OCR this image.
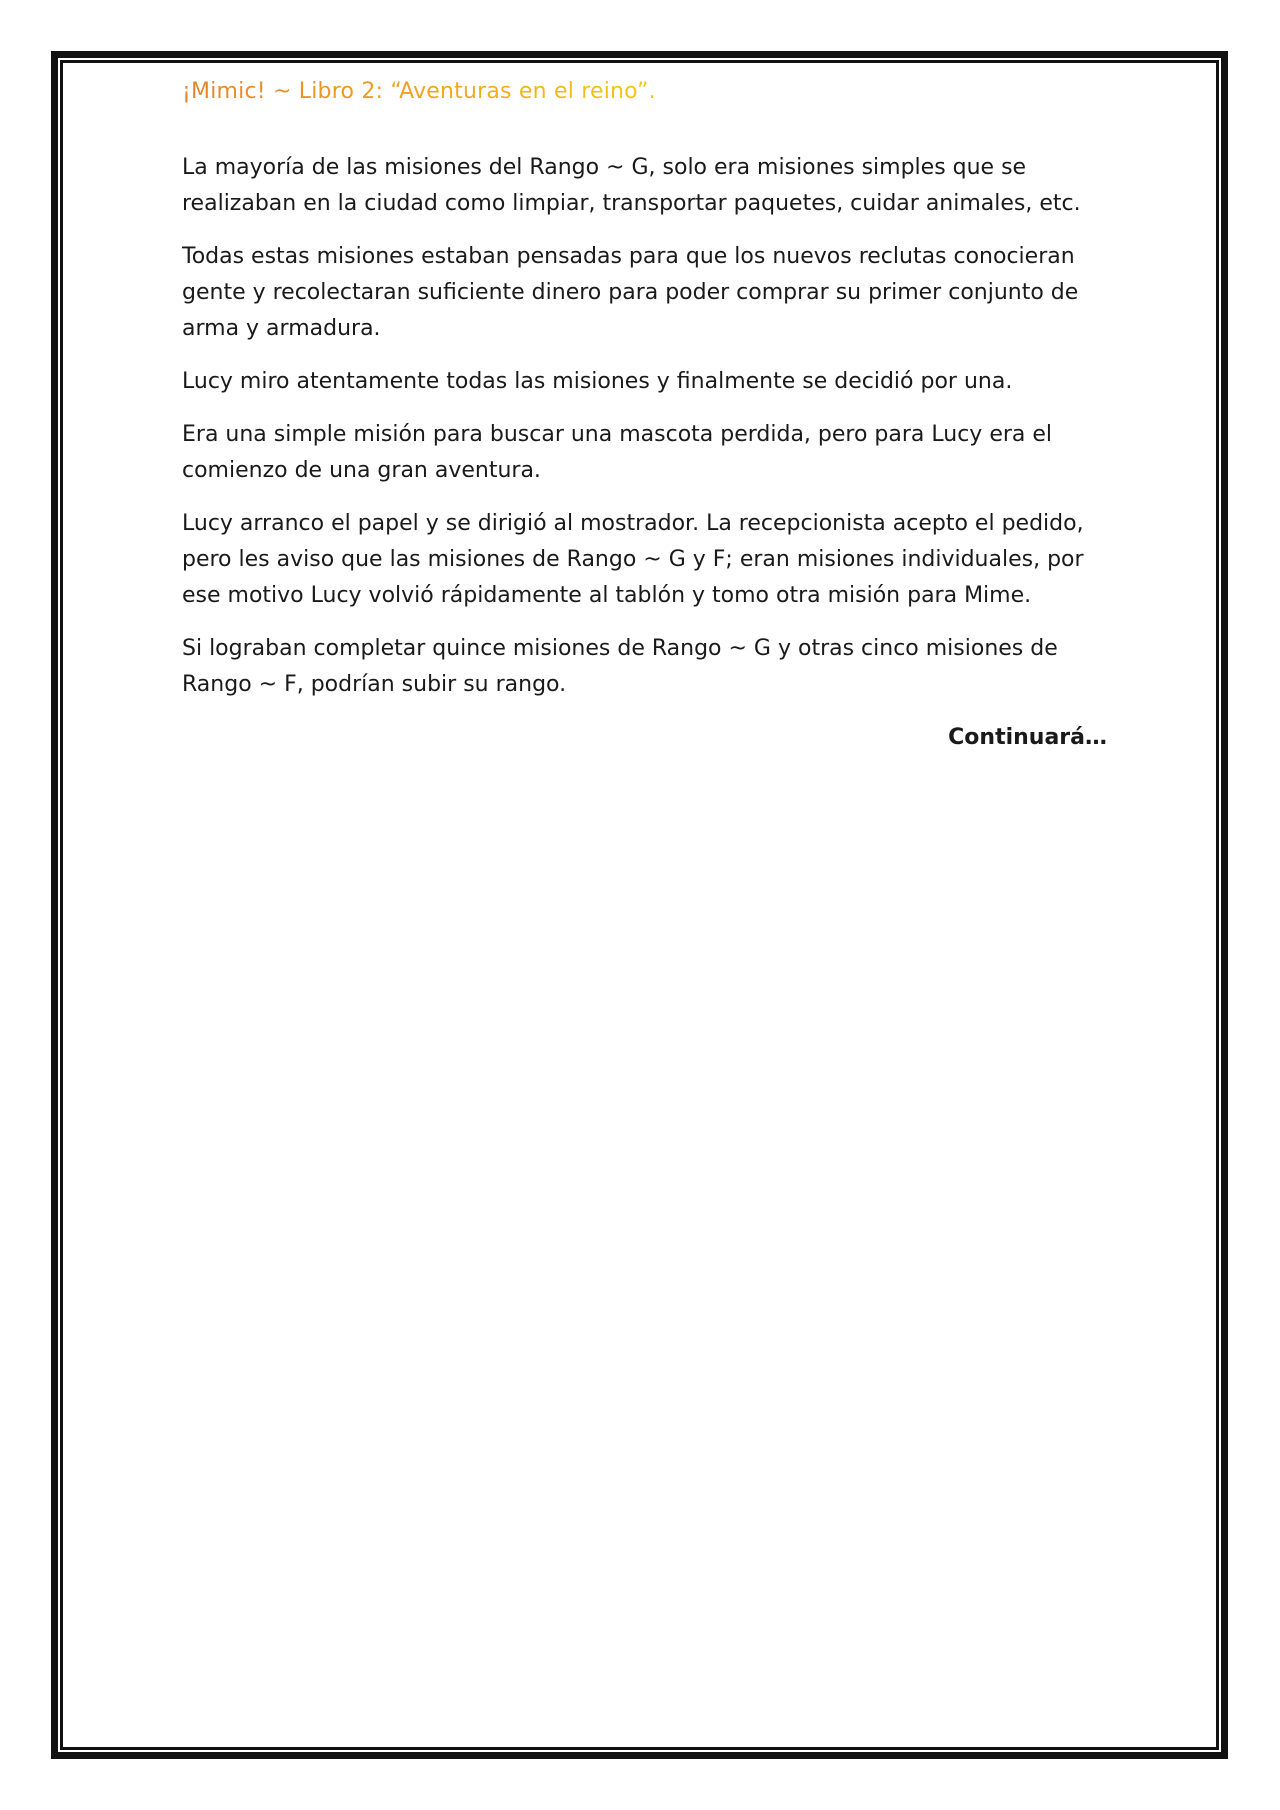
¡Mimic! ~ Libro 2: “Aventuras en el reino”.

La mayoría de las misiones del Rango ~ G, solo era misiones simples que se realizaban en la ciudad como limpiar, transportar paquetes, cuidar animales, etc.

Todas estas misiones estaban pensadas para que los nuevos reclutas conocieran gente y recolectaran suficiente dinero para poder comprar su primer conjunto de arma y armadura.

Lucy miro atentamente todas las misiones y finalmente se decidió por una.

Era una simple misión para buscar una mascota perdida, pero para Lucy era el comienzo de una gran aventura.

Lucy arranco el papel y se dirigió al mostrador. La recepcionista acepto el pedido, pero les aviso que las misiones de Rango ~ G y F; eran misiones individuales, por ese motivo Lucy volvió rápidamente al tablón y tomo otra misión para Mime.

Si lograban completar quince misiones de Rango ~ G y otras cinco misiones de Rango ~ F, podrían subir su rango.

Continuará…
